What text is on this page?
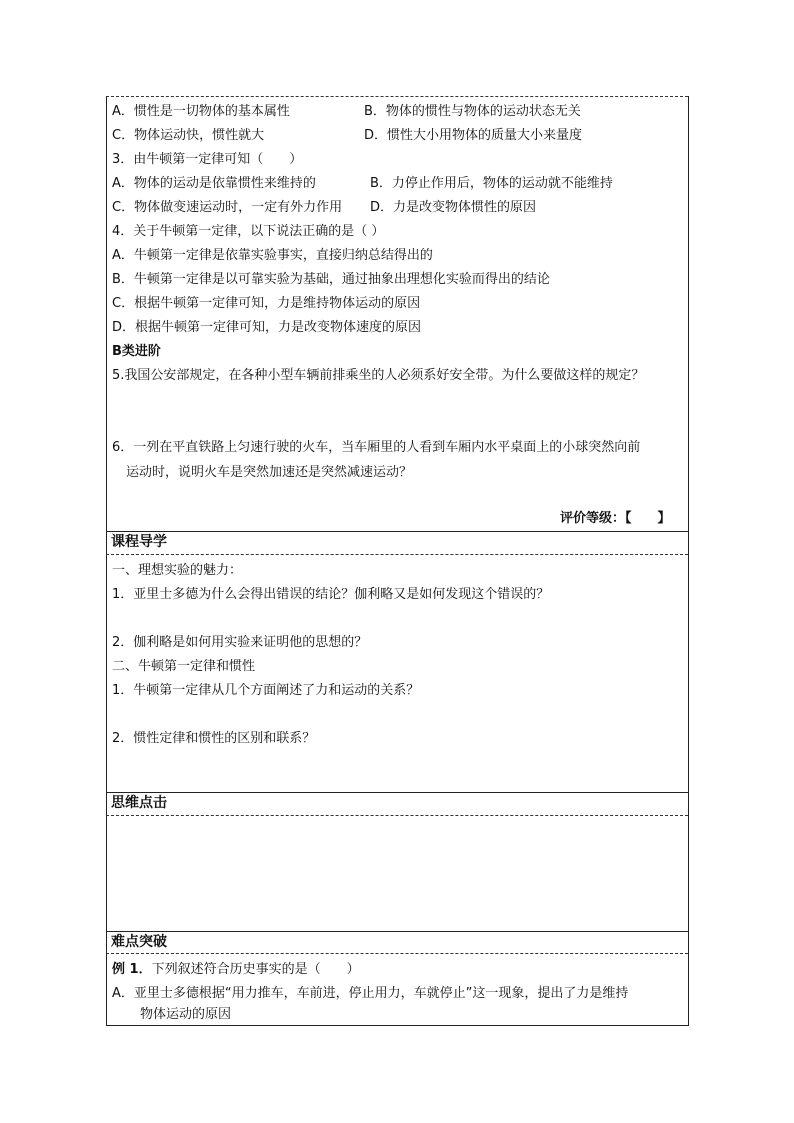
A．惯性是一切物体的基本属性	B．物体的惯性与物体的运动状态无关
C．物体运动快，惯性就大	D．惯性大小用物体的质量大小来量度
3．由牛顿第一定律可知（　　）
A．物体的运动是依靠惯性来维持的	B．力停止作用后，物体的运动就不能维持
C．物体做变速运动时，一定有外力作用 D．力是改变物体惯性的原因
4．关于牛顿第一定律，以下说法正确的是（ ）
A．牛顿第一定律是依靠实验事实，直接归纳总结得出的
B．牛顿第一定律是以可靠实验为基础，通过抽象出理想化实验而得出的结论
C．根据牛顿第一定律可知，力是维持物体运动的原因
D．根据牛顿第一定律可知，力是改变物体速度的原因
B类进阶
5.我国公安部规定，在各种小型车辆前排乘坐的人必须系好安全带。为什么要做这样的规定？
6．一列在平直铁路上匀速行驶的火车，当车厢里的人看到车厢内水平桌面上的小球突然向前
运动时，说明火车是突然加速还是突然减速运动？
评价等级：【　　】
课程导学
一、理想实验的魅力：
1．亚里士多德为什么会得出错误的结论？伽利略又是如何发现这个错误的？
2．伽利略是如何用实验来证明他的思想的？
二、牛顿第一定律和惯性
1．牛顿第一定律从几个方面阐述了力和运动的关系？
2．惯性定律和惯性的区别和联系？
思维点击
难点突破
例 1．下列叙述符合历史事实的是（　　）
A．亚里士多德根据“用力推车，车前进，停止用力，车就停止”这一现象，提出了力是维持
物体运动的原因
